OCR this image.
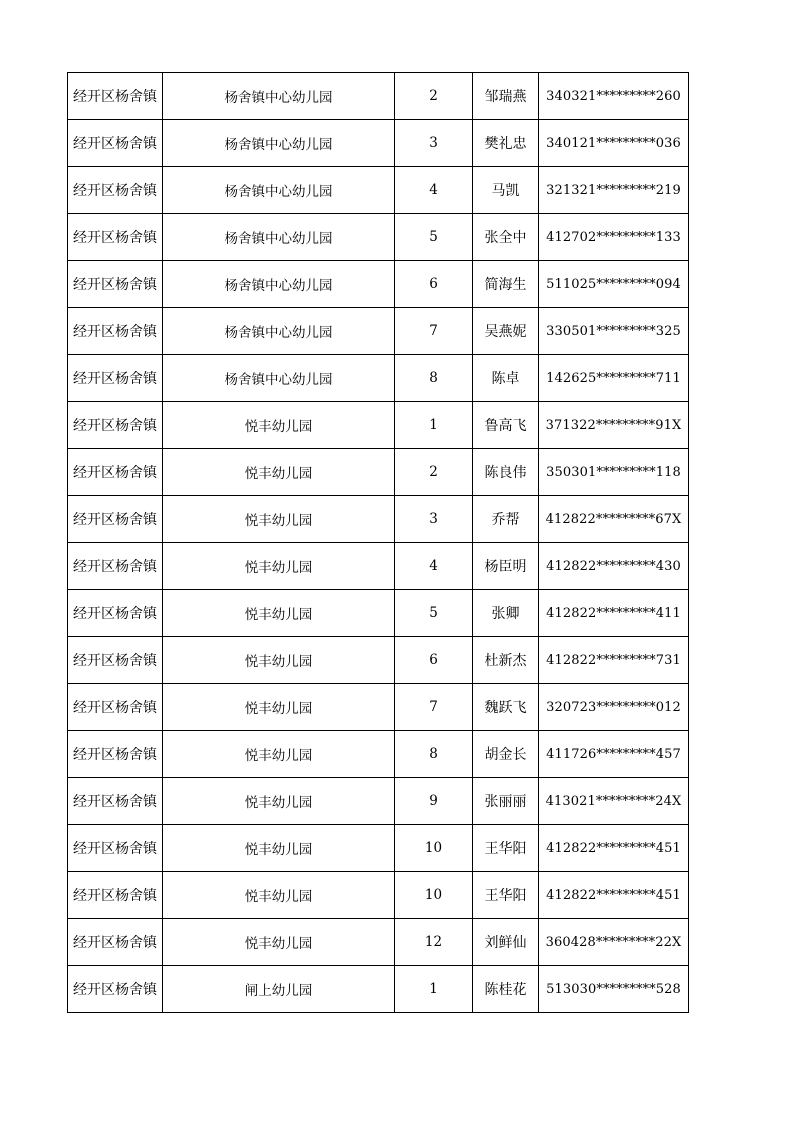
经开区杨舍镇	杨舍镇中心幼儿园	2	邹瑞燕	340321*********260
经开区杨舍镇	杨舍镇中心幼儿园	3	樊礼忠	340121*********036
经开区杨舍镇	杨舍镇中心幼儿园	4	马凯	321321*********219
经开区杨舍镇	杨舍镇中心幼儿园	5	张全中	412702*********133
经开区杨舍镇	杨舍镇中心幼儿园	6	简海生	511025*********094
经开区杨舍镇	杨舍镇中心幼儿园	7	吴燕妮	330501*********325
经开区杨舍镇	杨舍镇中心幼儿园	8	陈卓	142625*********711
经开区杨舍镇	悦丰幼儿园	1	鲁高飞	371322*********91X
经开区杨舍镇	悦丰幼儿园	2	陈良伟	350301*********118
经开区杨舍镇	悦丰幼儿园	3	乔帮	412822*********67X
经开区杨舍镇	悦丰幼儿园	4	杨臣明	412822*********430
经开区杨舍镇	悦丰幼儿园	5	张卿	412822*********411
经开区杨舍镇	悦丰幼儿园	6	杜新杰	412822*********731
经开区杨舍镇	悦丰幼儿园	7	魏跃飞	320723*********012
经开区杨舍镇	悦丰幼儿园	8	胡金长	411726*********457
经开区杨舍镇	悦丰幼儿园	9	张丽丽	413021*********24X
经开区杨舍镇	悦丰幼儿园	10	王华阳	412822*********451
经开区杨舍镇	悦丰幼儿园	10	王华阳	412822*********451
经开区杨舍镇	悦丰幼儿园	12	刘鲜仙	360428*********22X
经开区杨舍镇	闸上幼儿园	1	陈桂花	513030*********528
